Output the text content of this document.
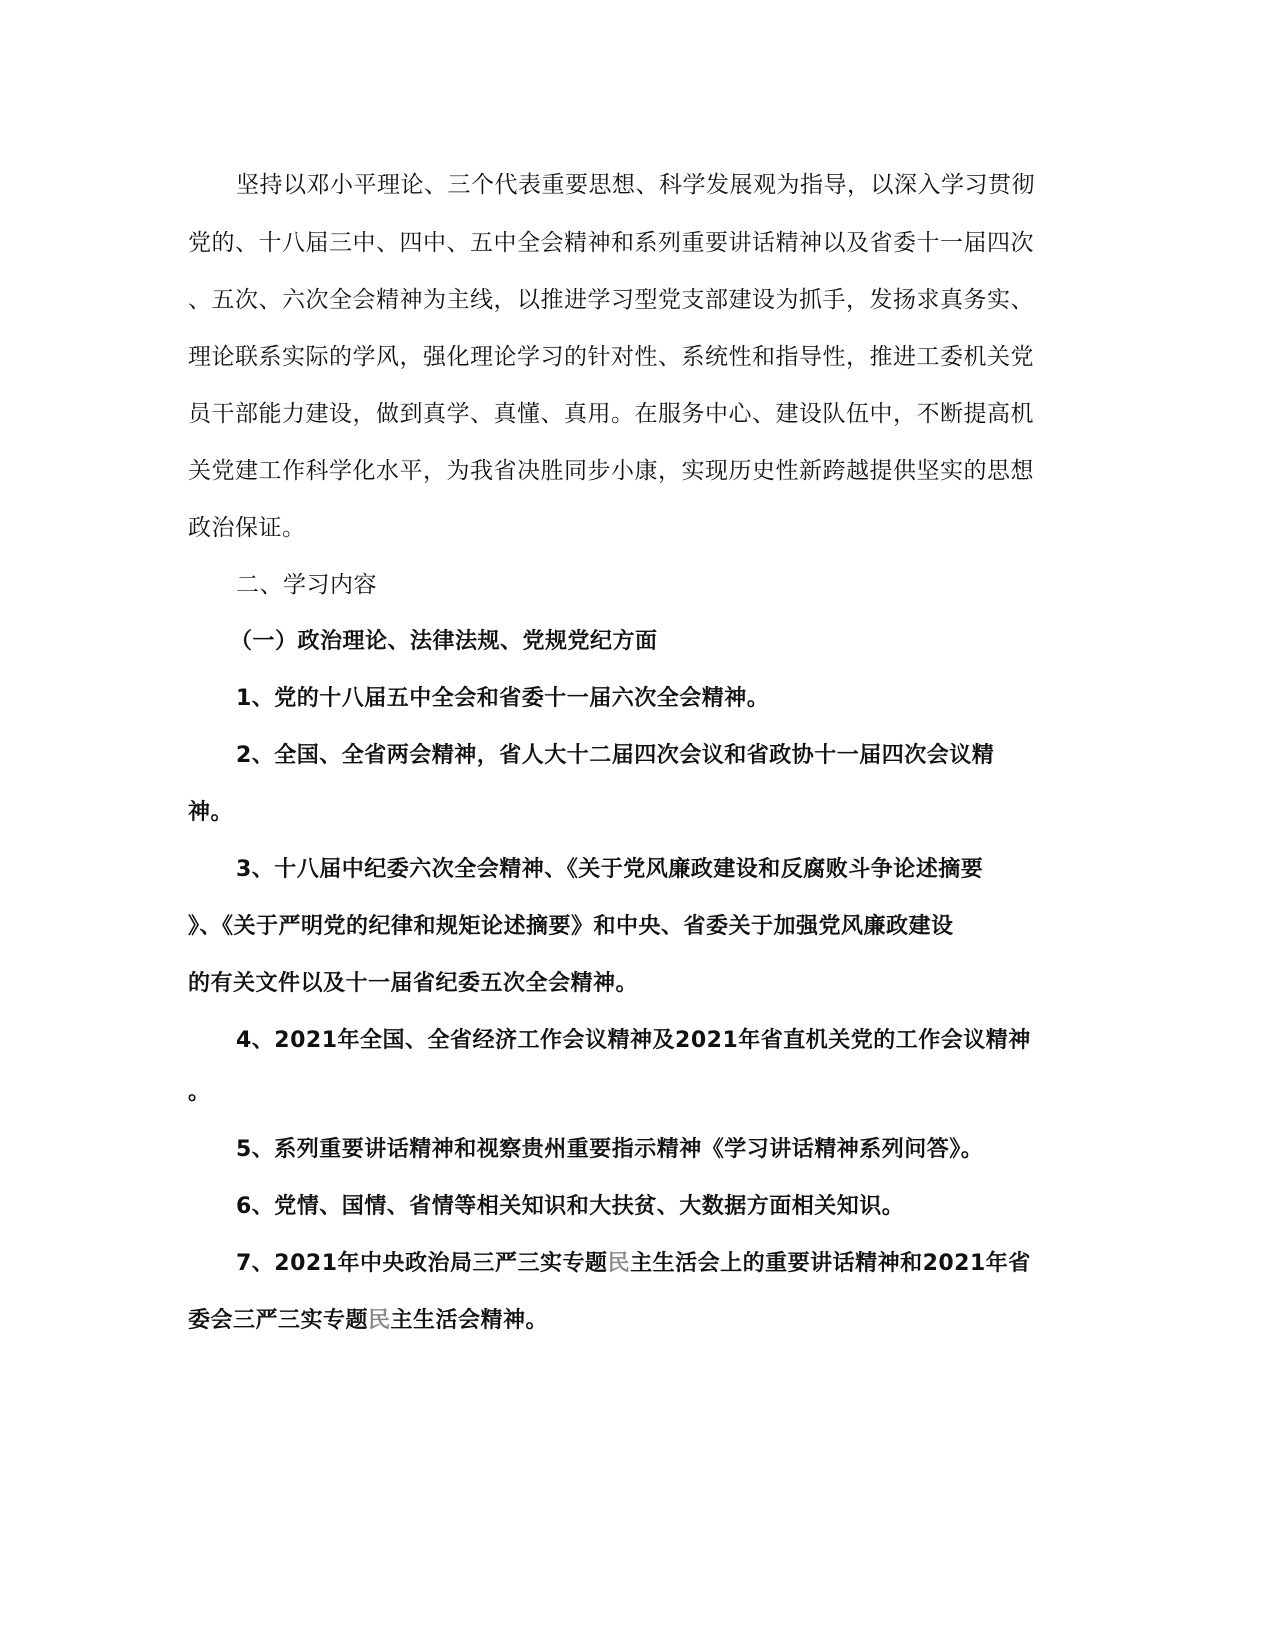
坚持以邓小平理论、三个代表重要思想、科学发展观为指导，以深入学习贯彻
党的、十八届三中、四中、五中全会精神和系列重要讲话精神以及省委十一届四次
、五次、六次全会精神为主线，以推进学习型党支部建设为抓手，发扬求真务实、
理论联系实际的学风，强化理论学习的针对性、系统性和指导性，推进工委机关党
员干部能力建设，做到真学、真懂、真用。在服务中心、建设队伍中，不断提高机
关党建工作科学化水平，为我省决胜同步小康，实现历史性新跨越提供坚实的思想
政治保证。
二、学习内容
（一）政治理论、法律法规、党规党纪方面
1、党的十八届五中全会和省委十一届六次全会精神。
2、全国、全省两会精神，省人大十二届四次会议和省政协十一届四次会议精
神。
3、十八届中纪委六次全会精神、《关于党风廉政建设和反腐败斗争论述摘要
》、《关于严明党的纪律和规矩论述摘要》和中央、省委关于加强党风廉政建设
的有关文件以及十一届省纪委五次全会精神。
4、2021年全国、全省经济工作会议精神及2021年省直机关党的工作会议精神
。
5、系列重要讲话精神和视察贵州重要指示精神《学习讲话精神系列问答》。
6、党情、国情、省情等相关知识和大扶贫、大数据方面相关知识。
7、2021年中央政治局三严三实专题民主生活会上的重要讲话精神和2021年省
委会三严三实专题民主生活会精神。
